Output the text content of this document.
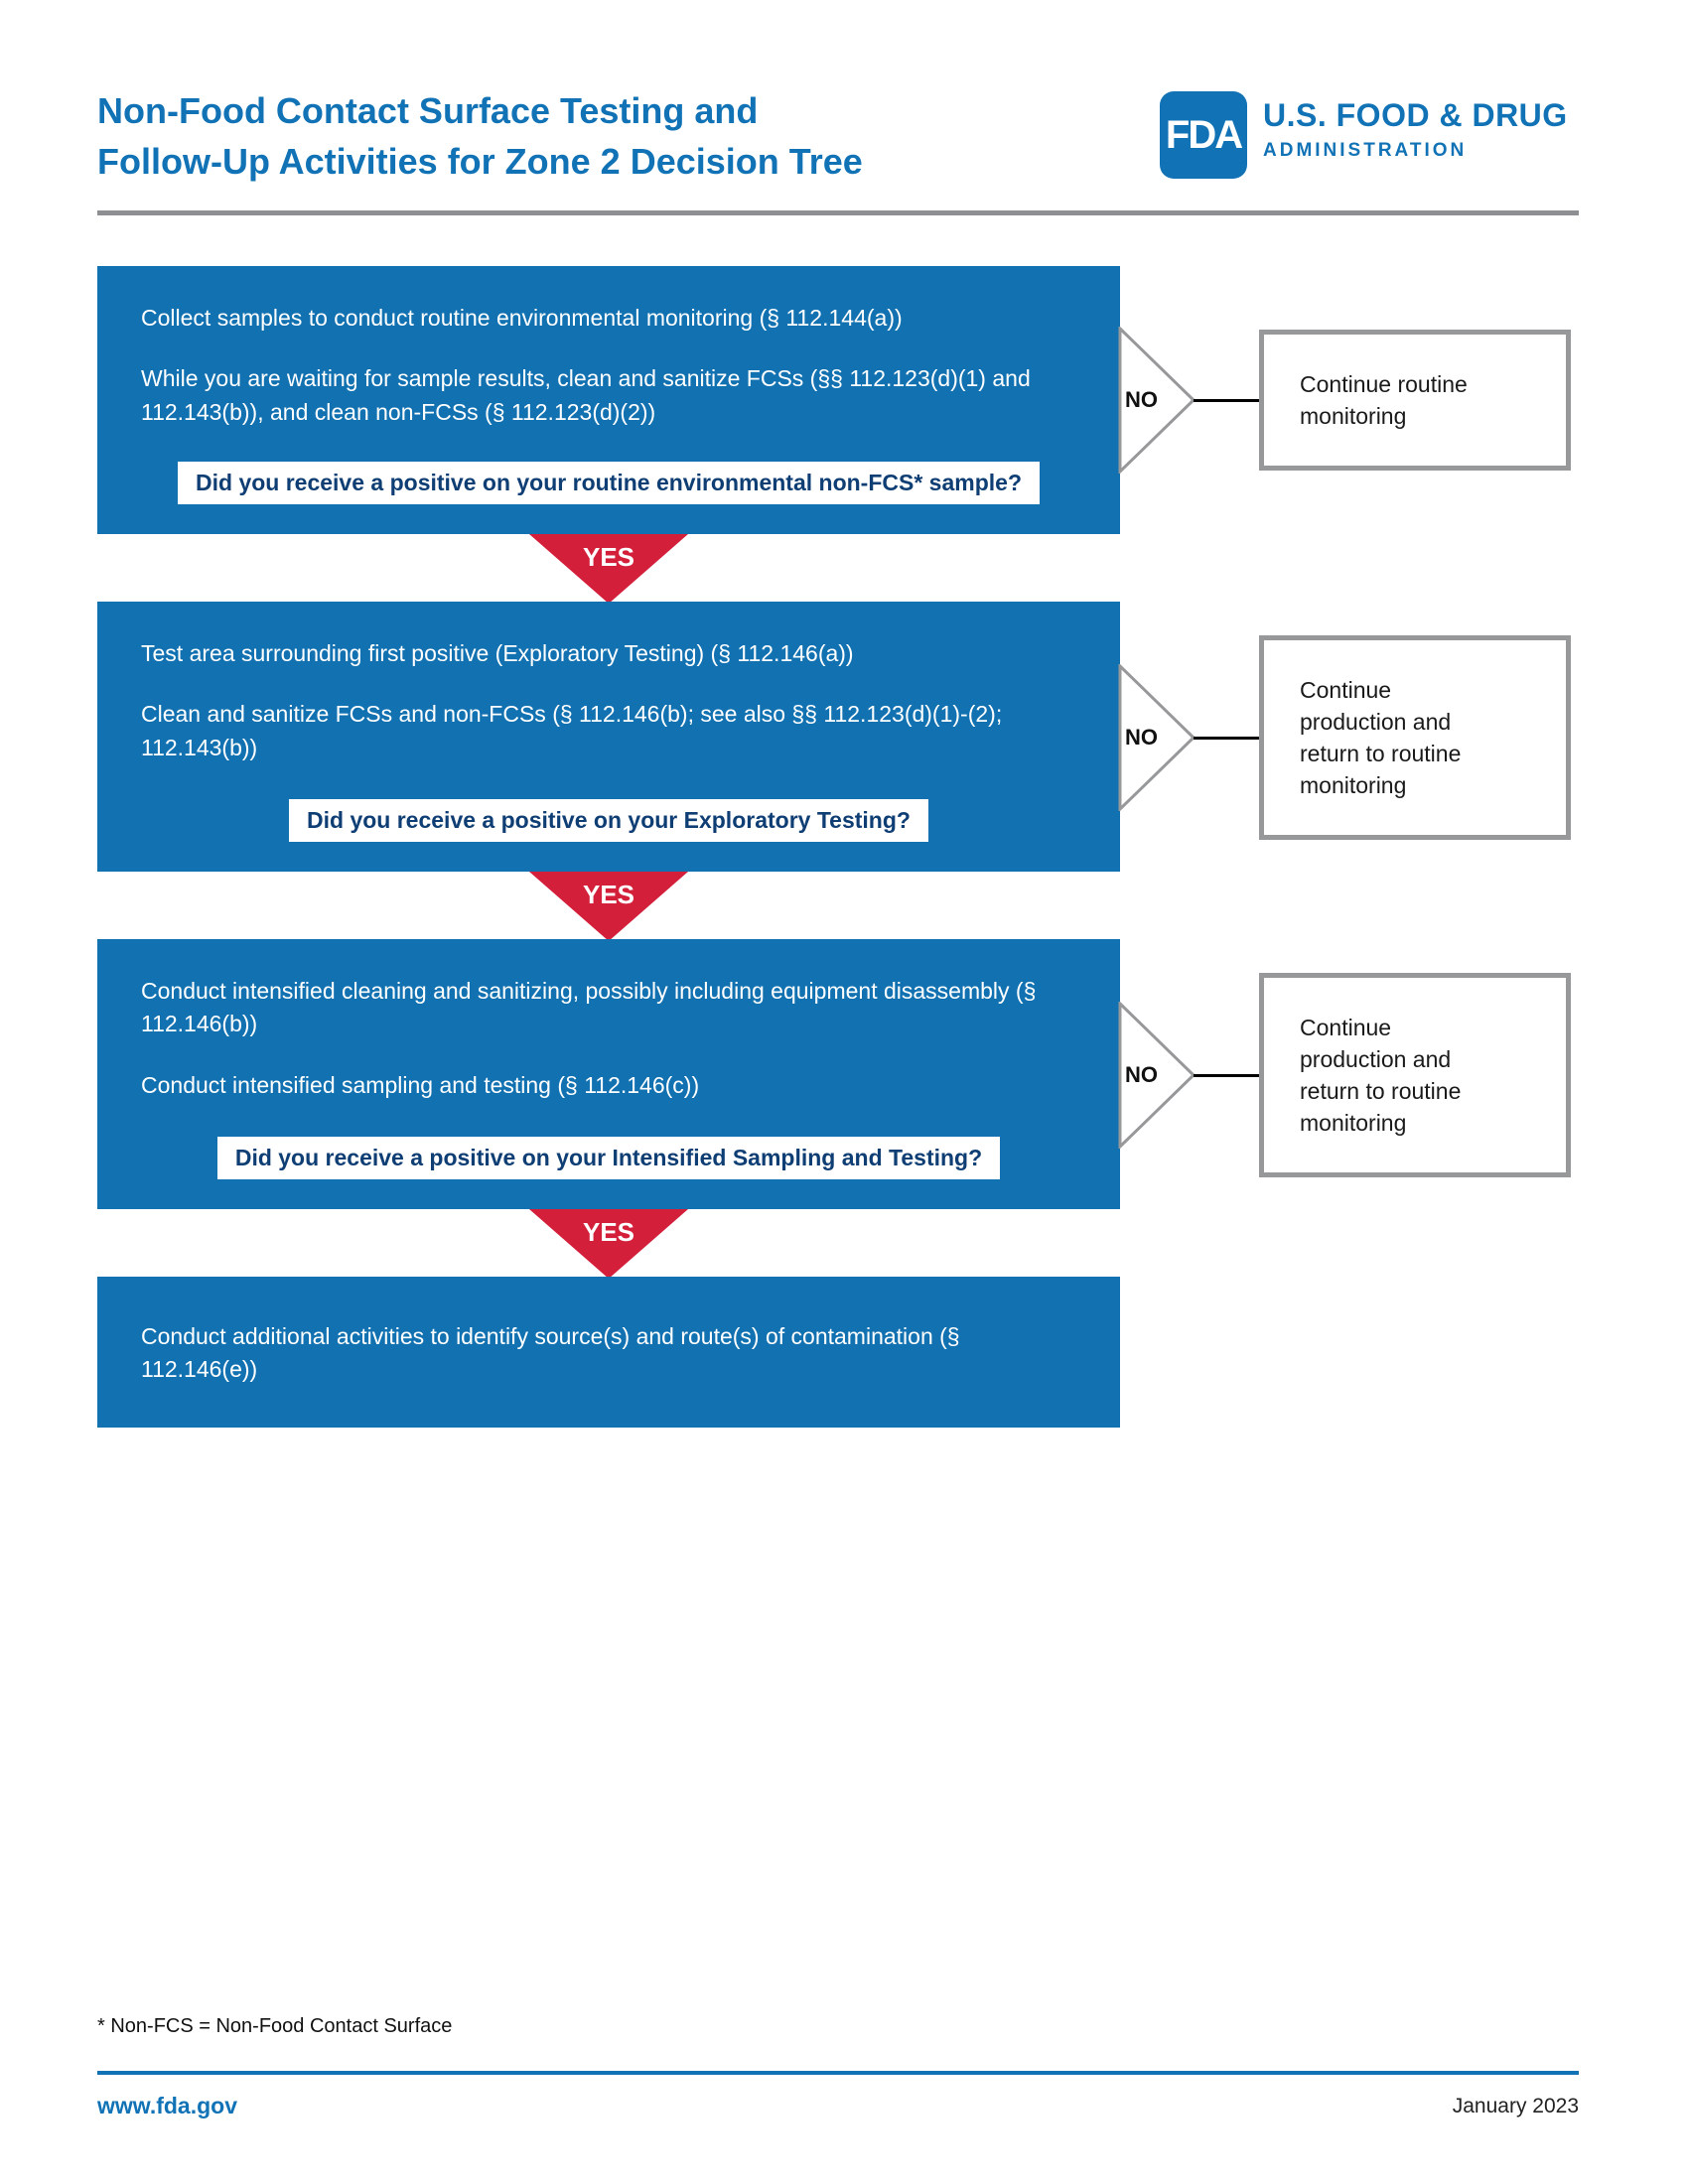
Non-Food Contact Surface Testing and
Follow-Up Activities for Zone 2 Decision Tree
FDA U.S. FOOD & DRUG
ADMINISTRATION

Collect samples to conduct routine environmental monitoring (§ 112.144(a))

While you are waiting for sample results, clean and sanitize FCSs (§§ 112.123(d)(1) and 112.143(b)), and clean non-FCSs (§ 112.123(d)(2))

Did you receive a positive on your routine environmental non-FCS* sample?
NO
Continue routine monitoring
YES

Test area surrounding first positive (Exploratory Testing) (§ 112.146(a))

Clean and sanitize FCSs and non-FCSs (§ 112.146(b); see also §§ 112.123(d)(1)-(2); 112.143(b))

Did you receive a positive on your Exploratory Testing?
NO
Continue production and return to routine monitoring
YES

Conduct intensified cleaning and sanitizing, possibly including equipment disassembly (§ 112.146(b))

Conduct intensified sampling and testing (§ 112.146(c))

Did you receive a positive on your Intensified Sampling and Testing?
NO
Continue production and return to routine monitoring
YES

Conduct additional activities to identify source(s) and route(s) of contamination (§ 112.146(e))

* Non-FCS = Non-Food Contact Surface
www.fda.gov	January 2023
